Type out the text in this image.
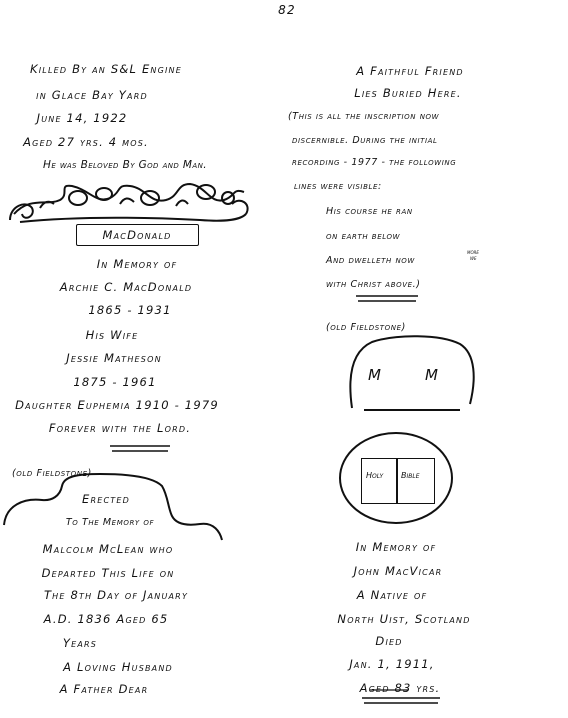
82
Killed By an S&L Engine
in Glace Bay Yard
June 14, 1922
Aged 27 yrs. 4 mos.
He was Beloved By God and Man.
MacDonald
In Memory of
Archie C. MacDonald
1865 - 1931
His Wife
Jessie Matheson
1875 - 1961
Daughter Euphemia 1910 - 1979
Forever with the Lord.
(old Fieldstone)
Erected
To The Memory of
Malcolm McLean who
Departed This Life on
The 8th Day of January
A.D. 1836 Aged 65
Years
A Loving Husband
A Father Dear
A Faithful Friend
Lies Buried Here.
(This is all the inscription now
discernible. During the initial
recording - 1977 - the following
lines were visible:
His course he ran
on earth below
And dwelleth now
more
we
with Christ above.)
(old Fieldstone)
M	M
Holy Bible
In Memory of
John MacVicar
A Native of
North Uist, Scotland
Died
Jan. 1, 1911,
Aged 83 yrs.
